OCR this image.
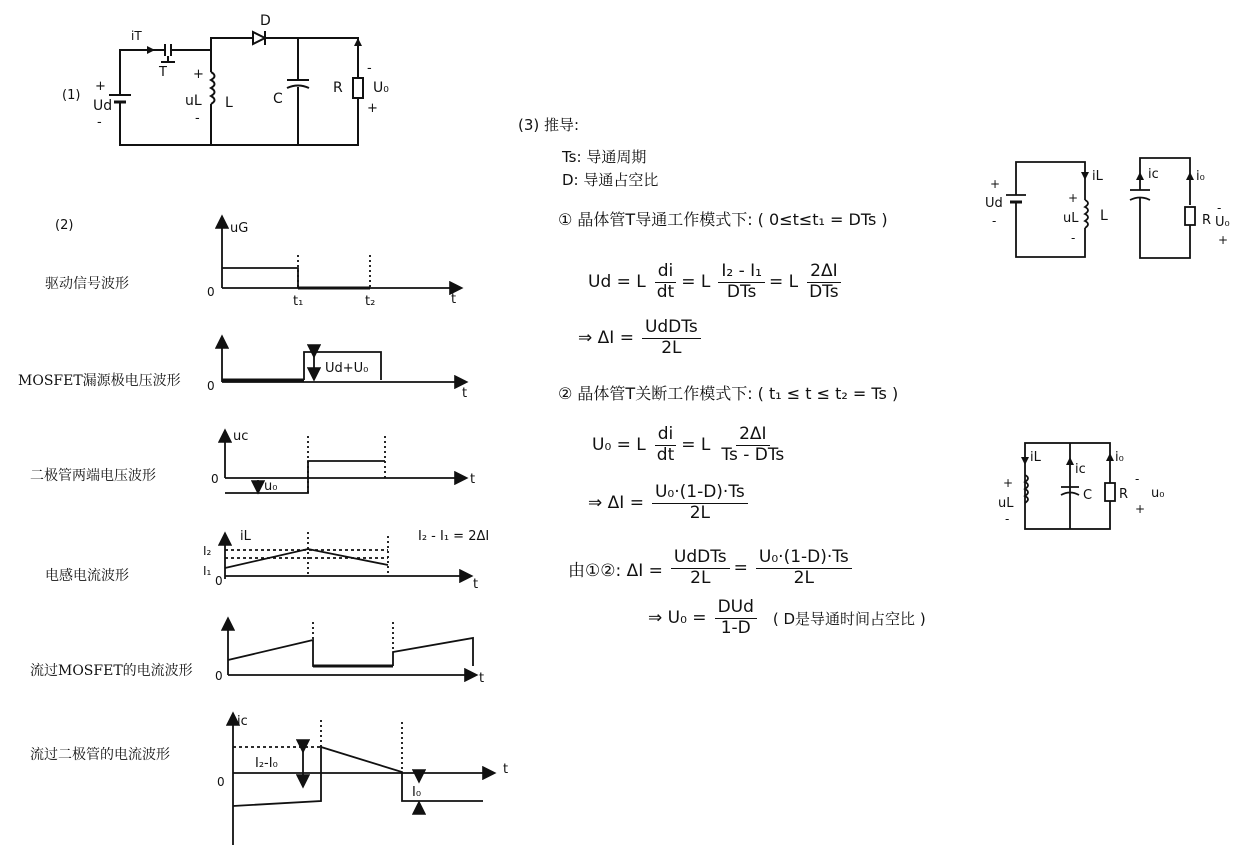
(1)
iT
T
D
+
Ud
-
+
uL
-
L	C
R
-
U₀
+
(2)
驱动信号波形
MOSFET漏源极电压波形
二极管两端电压波形
电感电流波形
流过MOSFET的电流波形
流过二极管的电流波形
uG
0
t₁	t₂	t
0
Ud+U₀
t
uc
0	u₀	t
iL
I₂
I₁
0
I₂ - I₁ = 2ΔI
t
0	t
ic
0
I₂-I₀
I₀
t
(3) 推导:
Ts: 导通周期
D: 导通占空比
① 晶体管T导通工作模式下: ( 0≤t≤t₁ = DTs )
Ud = L $\frac{di}{dt} = L \frac{\text{I₂ - I₁}}{\text{DTs}} = L \frac{2\Delta I}{\text{DTs}}$
⇒ $\Delta I = \frac{\text{UdDTs}}{2L}$
② 晶体管T关断工作模式下: ( t₁ ≤ t ≤ t₂ = Ts )
U₀ = L $\frac{di}{dt} = L \frac{2\Delta I}{\text{Ts - DTs}}$
⇒ $\Delta I = \frac{\text{U₀·(1-D)·Ts}}{2L}$
由①②: $\Delta I = \frac{\text{UdDTs}}{2L} = \frac{\text{U₀·(1-D)·Ts}}{2L}$
⇒ $U_0 = \frac{\text{DUd}}{1-D}$ ( D是导通时间占空比 )
+
Ud
-
iL
+
uL
-
L
ic	i₀
R
-
U₀
+
iL
ic
i₀
+
uL
-
C R
-
u₀
+
